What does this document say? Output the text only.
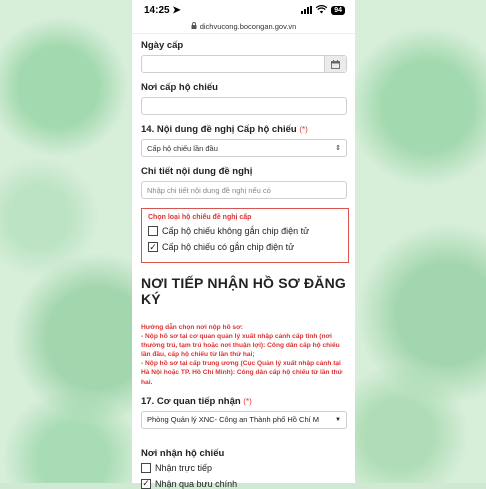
14:25 ➤	94
dichvucong.bocongan.gov.vn
Ngày cấp
Nơi cấp hộ chiếu
14. Nội dung đề nghị Cấp hộ chiếu (*)
Cấp hộ chiếu lần đầu	⇕
Chi tiết nội dung đề nghị
Nhập chi tiết nội dung đề nghị nếu có
Chọn loại hộ chiếu đề nghị cấp
Cấp hộ chiếu không gắn chip điện tử
✓ Cấp hộ chiếu có gắn chip điện tử
NƠI TIẾP NHẬN HỒ SƠ ĐĂNG KÝ
Hướng dẫn chọn nơi nộp hồ sơ:
- Nộp hồ sơ tại cơ quan quản lý xuất nhập cảnh cấp tỉnh (nơi thường trú, tạm trú hoặc nơi thuận lợi): Công dân cấp hộ chiếu lần đầu, cấp hộ chiếu từ lần thứ hai;
- Nộp hồ sơ tại cấp trung ương (Cục Quản lý xuất nhập cảnh tại Hà Nội hoặc TP. Hồ Chí Minh): Công dân cấp hộ chiếu từ lần thứ hai.
17. Cơ quan tiếp nhận (*)
Phòng Quản lý XNC- Công an Thành phố Hồ Chí M	▼
Nơi nhận hộ chiếu
Nhận trực tiếp
✓ Nhận qua bưu chính
